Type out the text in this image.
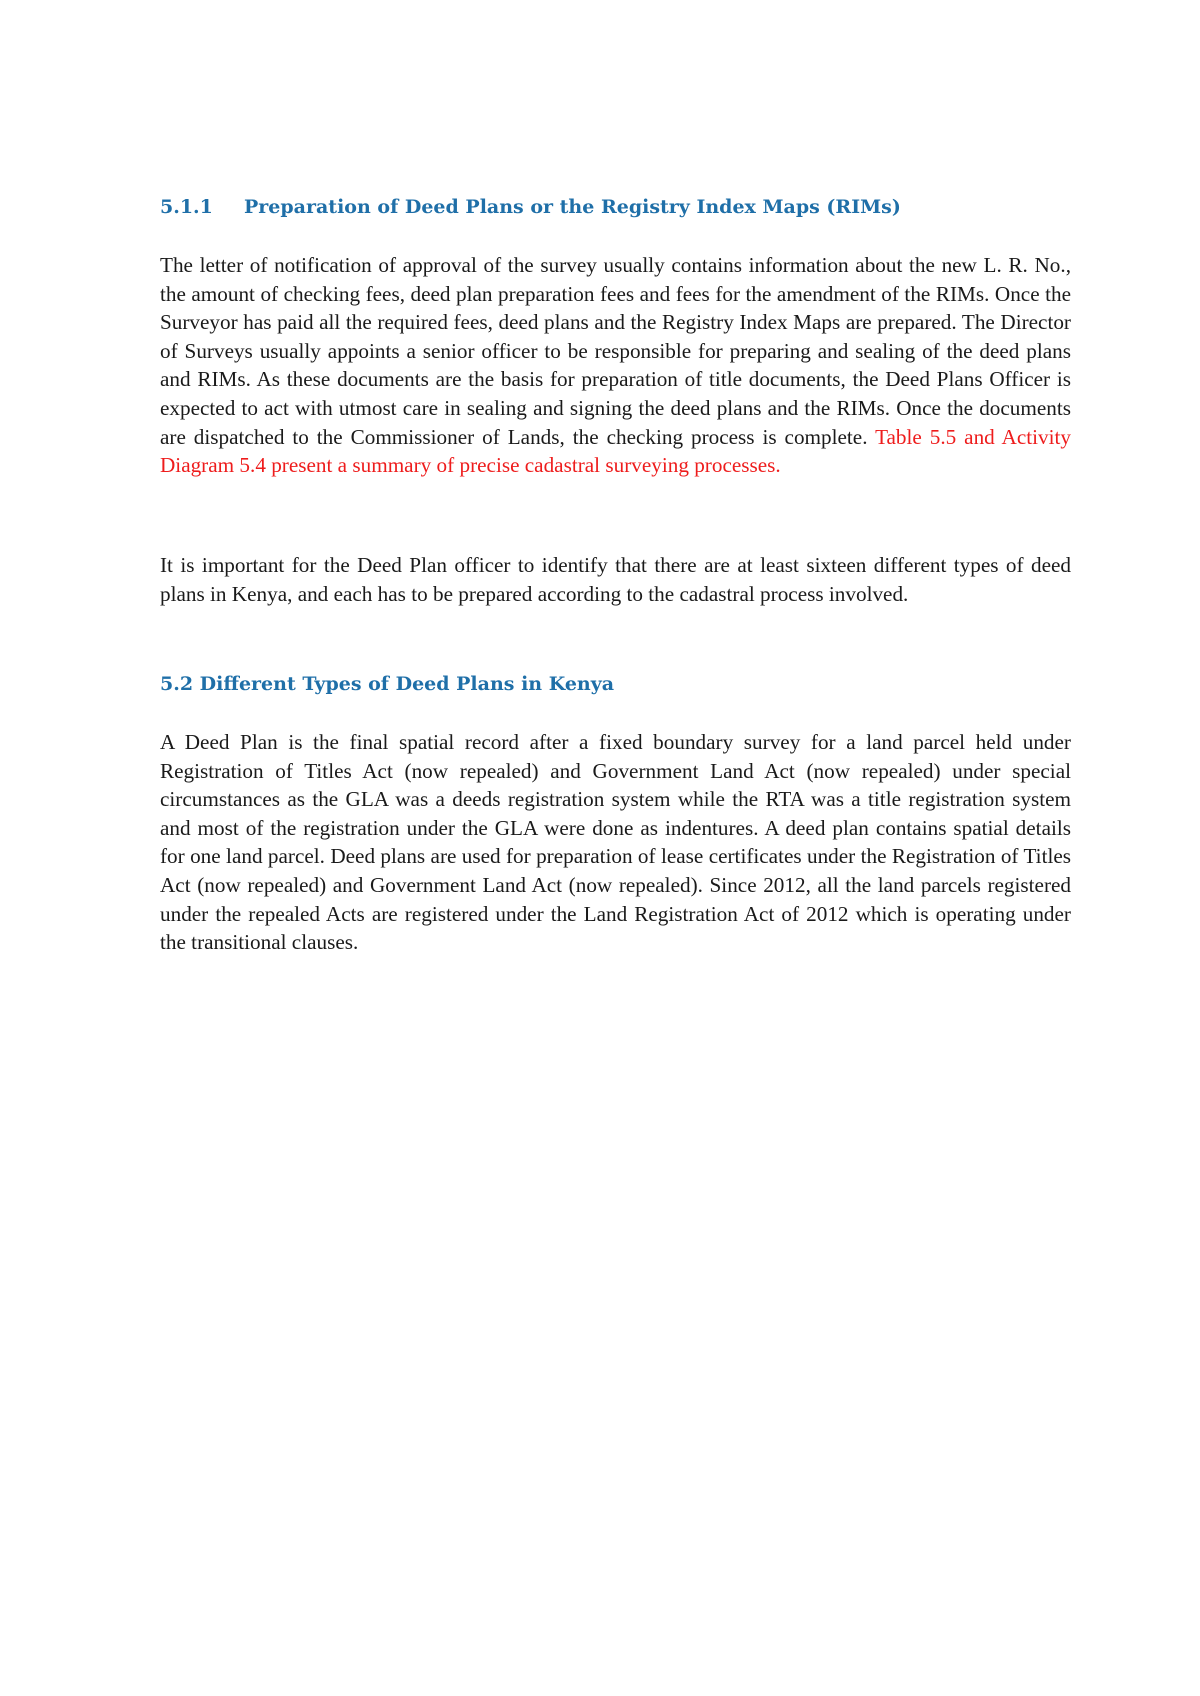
5.1.1 Preparation of Deed Plans or the Registry Index Maps (RIMs)

The letter of notification of approval of the survey usually contains information about the new L. R. No., the amount of checking fees, deed plan preparation fees and fees for the amendment of the RIMs. Once the Surveyor has paid all the required fees, deed plans and the Registry Index Maps are prepared. The Director of Surveys usually appoints a senior officer to be responsible for preparing and sealing of the deed plans and RIMs. As these documents are the basis for preparation of title documents, the Deed Plans Officer is expected to act with utmost care in sealing and signing the deed plans and the RIMs. Once the documents are dispatched to the Commissioner of Lands, the checking process is complete. Table 5.5 and Activity Diagram 5.4 present a summary of precise cadastral surveying processes.

It is important for the Deed Plan officer to identify that there are at least sixteen different types of deed plans in Kenya, and each has to be prepared according to the cadastral process involved.

5.2 Different Types of Deed Plans in Kenya

A Deed Plan is the final spatial record after a fixed boundary survey for a land parcel held under Registration of Titles Act (now repealed) and Government Land Act (now repealed) under special circumstances as the GLA was a deeds registration system while the RTA was a title registration system and most of the registration under the GLA were done as indentures. A deed plan contains spatial details for one land parcel. Deed plans are used for preparation of lease certificates under the Registration of Titles Act (now repealed) and Government Land Act (now repealed). Since 2012, all the land parcels registered under the repealed Acts are registered under the Land Registration Act of 2012 which is operating under the transitional clauses.
